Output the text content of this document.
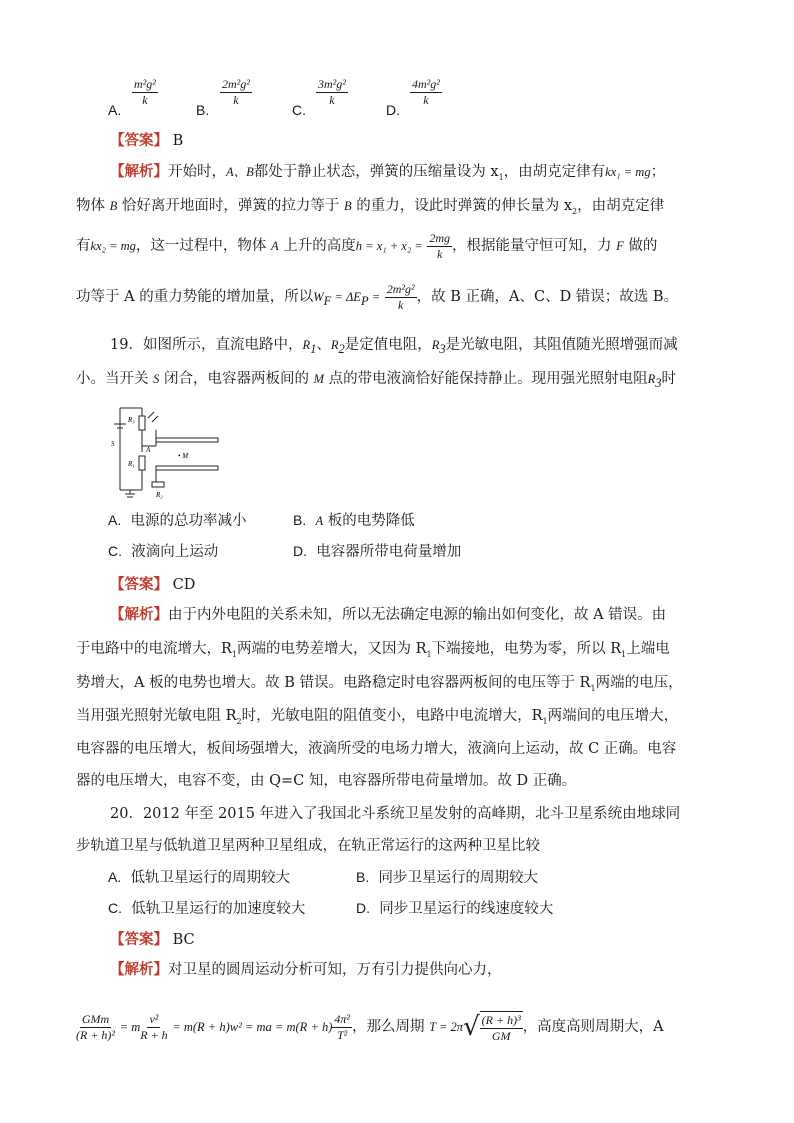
A.
$\frac{\text{m²g²}}{k}$
B.
$\frac{\text{2m²g²}}{k}$
C.
$\frac{\text{3m²g²}}{k}$
D.
$\frac{\text{4m²g²}}{k}$
【答案】 B
【解析】开始时，A、B都处于静止状态，弹簧的压缩量设为 $x_1$，由胡克定律有kx₁ = mg；
物体 B 恰好离开地面时，弹簧的拉力等于 B 的重力，设此时弹簧的伸长量为 $x_2$，由胡克定律
有kx₂ = mg，这一过程中，物体 A 上升的高度$h = x_1 + x_2 = \frac{2mg}{k}$ ，根据能量守恒可知，力 F 做的
功等于 A 的重力势能的增加量，所以$W_F = \Delta E_P = \frac{\text{2m²g²}}{k}$ ，故 B 正确，A、C、D 错误；故选 B。
19．如图所示，直流电路中，$R_1$、$R_2$是定值电阻，$R_3$是光敏电阻，其阻值随光照增强而减
小。当开关 S 闭合，电容器两板间的 M 点的带电液滴恰好能保持静止。现用强光照射电阻$R_3$时
R₃
S
R₁
A
• M
R₂
A. 电源的总功率减小	B. A 板的电势降低
C. 液滴向上运动	D. 电容器所带电荷量增加
【答案】 CD
【解析】由于内外电阻的关系未知，所以无法确定电源的输出如何变化，故 A 错误。由
于电路中的电流增大，$R_1$两端的电势差增大，又因为 $R_1$下端接地，电势为零，所以 $R_1$上端电
势增大，A 板的电势也增大。故 B 错误。电路稳定时电容器两板间的电压等于 $R_1$两端的电压，
当用强光照射光敏电阻 $R_2$时，光敏电阻的阻值变小，电路中电流增大，$R_1$两端间的电压增大，
电容器的电压增大，板间场强增大，液滴所受的电场力增大，液滴向上运动，故 C 正确。电容
器的电压增大，电容不变，由 Q=C 知，电容器所带电荷量增加。故 D 正确。
20．2012 年至 2015 年进入了我国北斗系统卫星发射的高峰期，北斗卫星系统由地球同
步轨道卫星与低轨道卫星两种卫星组成，在轨正常运行的这两种卫星比较
A. 低轨卫星运行的周期较大	B. 同步卫星运行的周期较大
C. 低轨卫星运行的加速度较大	D. 同步卫星运行的线速度较大
【答案】 BC
【解析】对卫星的圆周运动分析可知，万有引力提供向心力，
$\frac{\text{GMm}}{\text{(R + h)²}} = m \frac{\text{v²}}{R + h} = m(R + h)w^2$ = ma = $m(R + h) \frac{\text{4π²}}{\text{T²}}$ ，那么周期 $T = 2\pi√ \frac{\text{(R + h)³}}{GM}$ ，高度高则周期大，A
